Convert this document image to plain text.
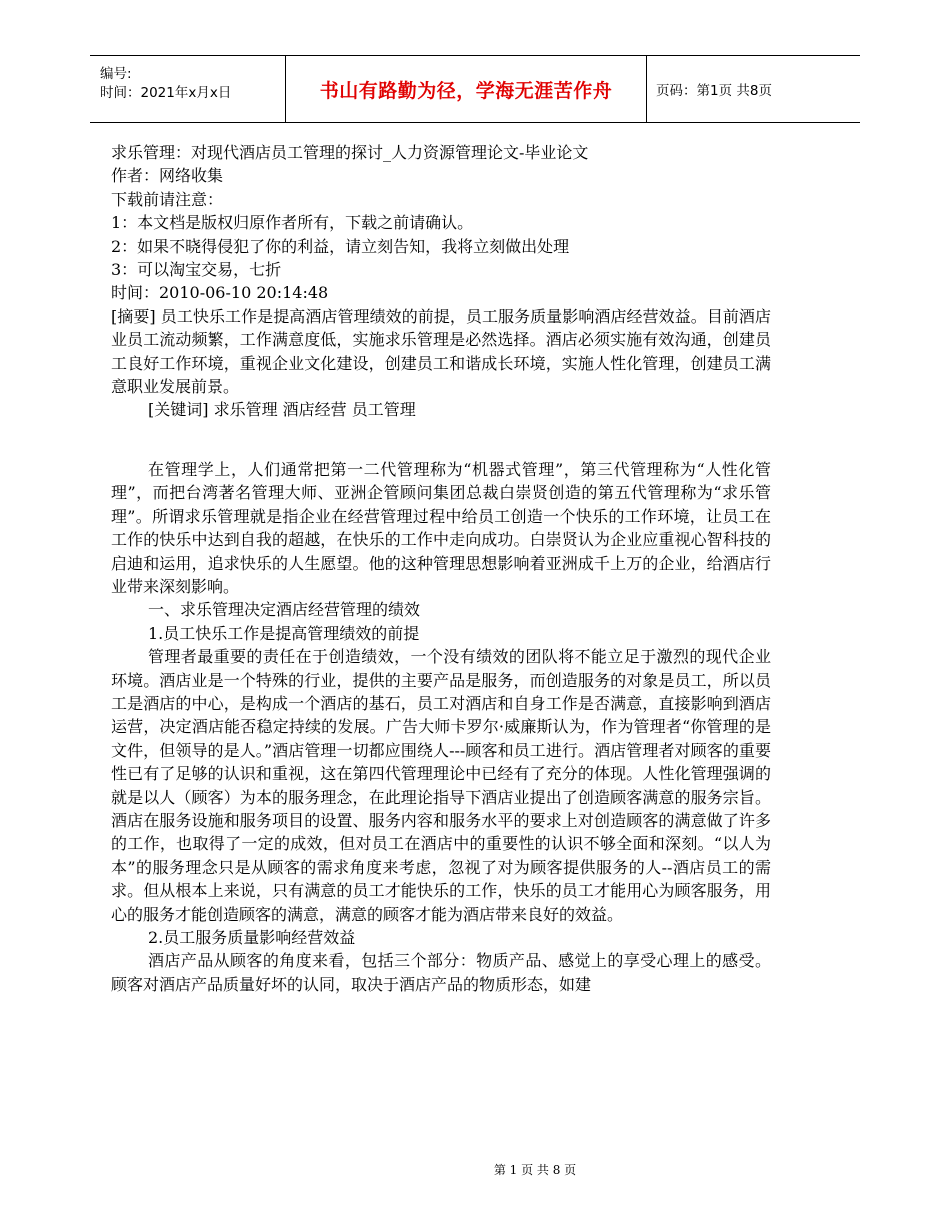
编号:
时间：2021年x月x日	书山有路勤为径，学海无涯苦作舟	页码：第1页 共8页
求乐管理：对现代酒店员工管理的探讨_人力资源管理论文-毕业论文
作者：网络收集
下载前请注意：
1：本文档是版权归原作者所有，下载之前请确认。
2：如果不晓得侵犯了你的利益，请立刻告知，我将立刻做出处理
3：可以淘宝交易，七折
时间：2010-06-10 20:14:48

[摘要] 员工快乐工作是提高酒店管理绩效的前提，员工服务质量影响酒店经营效益。目前酒店业员工流动频繁，工作满意度低，实施求乐管理是必然选择。酒店必须实施有效沟通，创建员工良好工作环境，重视企业文化建设，创建员工和谐成长环境，实施人性化管理，创建员工满意职业发展前景。

[关键词] 求乐管理 酒店经营 员工管理

在管理学上，人们通常把第一二代管理称为“机器式管理”，第三代管理称为“人性化管理”，而把台湾著名管理大师、亚洲企管顾问集团总裁白崇贤创造的第五代管理称为“求乐管理”。所谓求乐管理就是指企业在经营管理过程中给员工创造一个快乐的工作环境，让员工在工作的快乐中达到自我的超越，在快乐的工作中走向成功。白崇贤认为企业应重视心智科技的启迪和运用，追求快乐的人生愿望。他的这种管理思想影响着亚洲成千上万的企业，给酒店行业带来深刻影响。

一、求乐管理决定酒店经营管理的绩效
1.员工快乐工作是提高管理绩效的前提

管理者最重要的责任在于创造绩效，一个没有绩效的团队将不能立足于激烈的现代企业环境。酒店业是一个特殊的行业，提供的主要产品是服务，而创造服务的对象是员工，所以员工是酒店的中心，是构成一个酒店的基石，员工对酒店和自身工作是否满意，直接影响到酒店运营，决定酒店能否稳定持续的发展。广告大师卡罗尔·威廉斯认为，作为管理者“你管理的是文件，但领导的是人。”酒店管理一切都应围绕人---顾客和员工进行。酒店管理者对顾客的重要性已有了足够的认识和重视，这在第四代管理理论中已经有了充分的体现。人性化管理强调的就是以人（顾客）为本的服务理念，在此理论指导下酒店业提出了创造顾客满意的服务宗旨。酒店在服务设施和服务项目的设置、服务内容和服务水平的要求上对创造顾客的满意做了许多的工作，也取得了一定的成效，但对员工在酒店中的重要性的认识不够全面和深刻。“以人为本”的服务理念只是从顾客的需求角度来考虑，忽视了对为顾客提供服务的人--酒店员工的需求。但从根本上来说，只有满意的员工才能快乐的工作，快乐的员工才能用心为顾客服务，用心的服务才能创造顾客的满意，满意的顾客才能为酒店带来良好的效益。

2.员工服务质量影响经营效益

酒店产品从顾客的角度来看，包括三个部分：物质产品、感觉上的享受心理上的感受。顾客对酒店产品质量好坏的认同，取决于酒店产品的物质形态，如建

第 1 页 共 8 页
